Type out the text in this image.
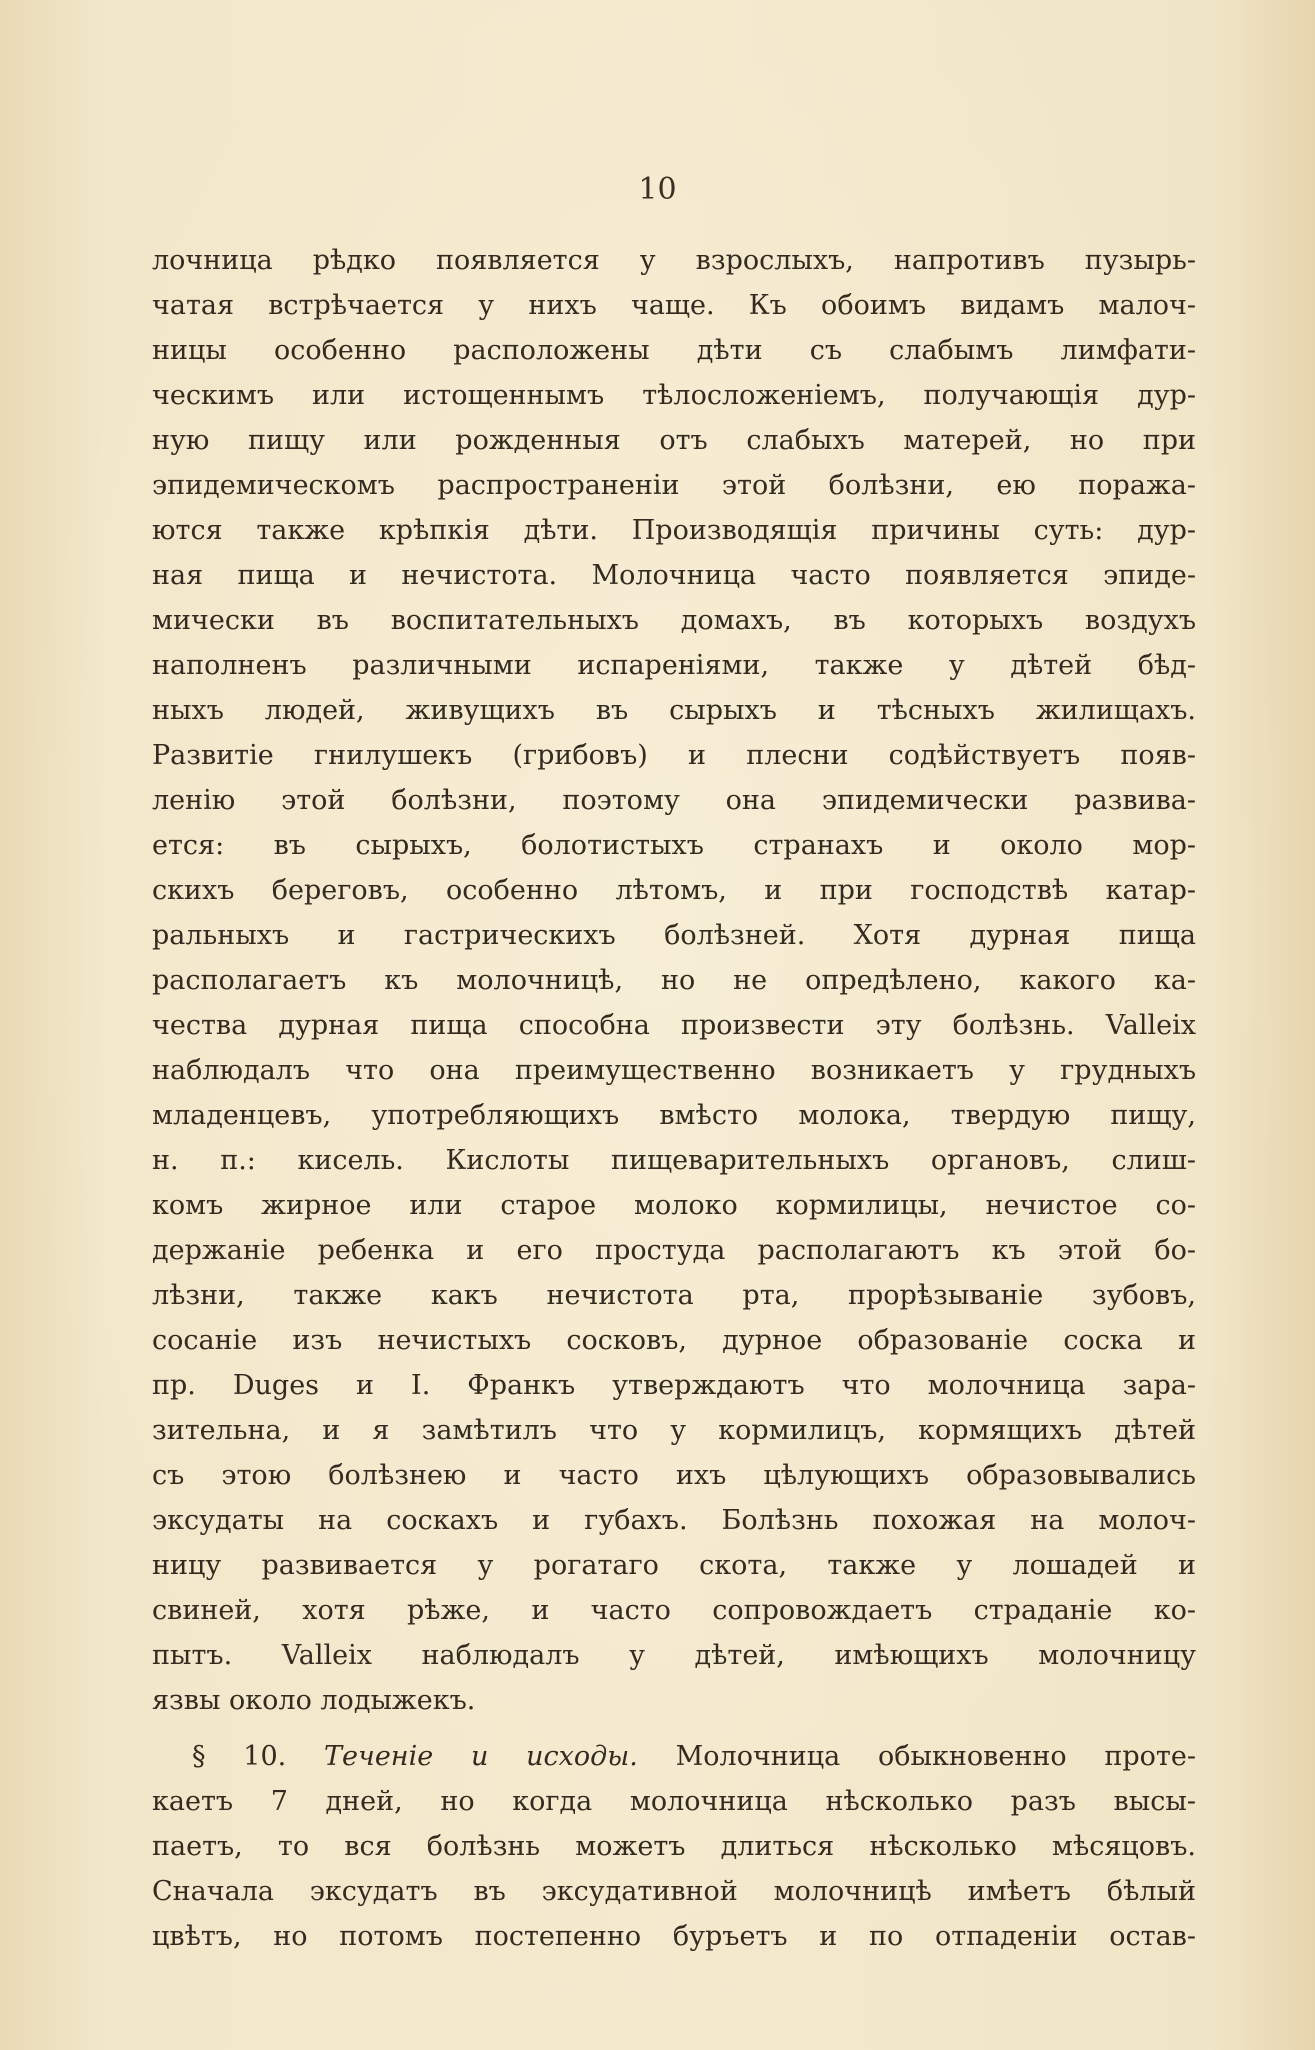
10
лочница рѣдко появляется у взрослыхъ, напротивъ пузырь-
чатая встрѣчается у нихъ чаще. Къ обоимъ видамъ малоч-
ницы особенно расположены дѣти съ слабымъ лимфати-
ческимъ или истощеннымъ тѣлосложеніемъ, получающія дур-
ную пищу или рожденныя отъ слабыхъ матерей, но при
эпидемическомъ распространеніи этой болѣзни, ею поража-
ются также крѣпкія дѣти. Производящія причины суть: дур-
ная пища и нечистота. Молочница часто появляется эпиде-
мически въ воспитательныхъ домахъ, въ которыхъ воздухъ
наполненъ различными испареніями, также у дѣтей бѣд-
ныхъ людей, живущихъ въ сырыхъ и тѣсныхъ жилищахъ.
Развитіе гнилушекъ (грибовъ) и плесни содѣйствуетъ появ-
ленію этой болѣзни, поэтому она эпидемически развива-
ется: въ сырыхъ, болотистыхъ странахъ и около мор-
скихъ береговъ, особенно лѣтомъ, и при господствѣ катар-
ральныхъ и гастрическихъ болѣзней. Хотя дурная пища
располагаетъ къ молочницѣ, но не опредѣлено, какого ка-
чества дурная пища способна произвести эту болѣзнь. Valleix
наблюдалъ что она преимущественно возникаетъ у грудныхъ
младенцевъ, употребляющихъ вмѣсто молока, твердую пищу,
н. п.: кисель. Кислоты пищеварительныхъ органовъ, слиш-
комъ жирное или старое молоко кормилицы, нечистое со-
держаніе ребенка и его простуда располагаютъ къ этой бо-
лѣзни, также какъ нечистота рта, прорѣзываніе зубовъ,
сосаніе изъ нечистыхъ сосковъ, дурное образованіе соска и
пр. Duges и I. Франкъ утверждаютъ что молочница зара-
зительна, и я замѣтилъ что у кормилицъ, кормящихъ дѣтей
съ этою болѣзнею и часто ихъ цѣлующихъ образовывались
эксудаты на соскахъ и губахъ. Болѣзнь похожая на молоч-
ницу развивается у рогатаго скота, также у лошадей и
свиней, хотя рѣже, и часто сопровождаетъ страданіе ко-
пытъ. Valleix наблюдалъ у дѣтей, имѣющихъ молочницу
язвы около лодыжекъ.
§ 10. Теченіе и исходы. Молочница обыкновенно проте-
каетъ 7 дней, но когда молочница нѣсколько разъ высы-
паетъ, то вся болѣзнь можетъ длиться нѣсколько мѣсяцовъ.
Сначала эксудатъ въ эксудативной молочницѣ имѣетъ бѣлый
цвѣтъ, но потомъ постепенно буръетъ и по отпаденіи остав-
